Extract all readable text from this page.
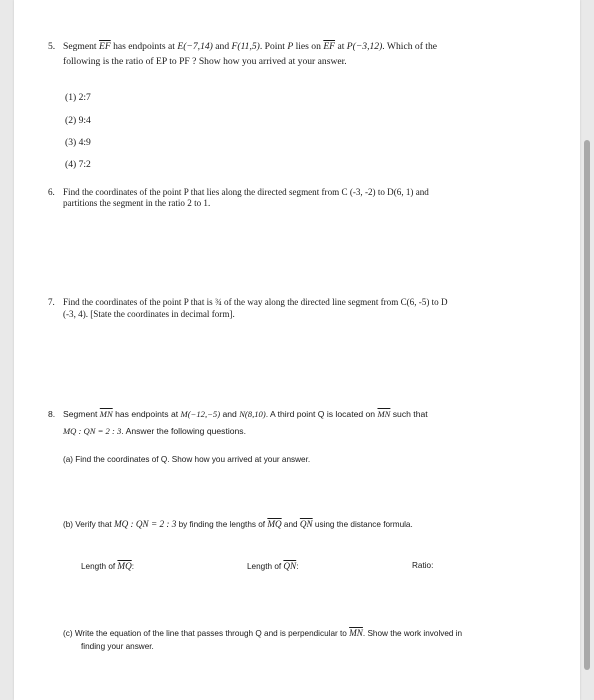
5. Segment $\overline{EF}$ has endpoints at E(−7,14) and F(11,5). Point P lies on $\overline{EF}$ at P(−3,12). Which of the
following is the ratio of EP to PF ? Show how you arrived at your answer.
(1) 2:7
(2) 9:4
(3) 4:9
(4) 7:2
6. Find the coordinates of the point P that lies along the directed segment from C (-3, -2) to D(6, 1) and
partitions the segment in the ratio 2 to 1.
7. Find the coordinates of the point P that is ¾ of the way along the directed line segment from C(6, -5) to D
(-3, 4). [State the coordinates in decimal form].
8. Segment $\overline{MN}$ has endpoints at M(−12,−5) and N(8,10). A third point Q is located on $\overline{MN}$ such that
MQ : QN = 2 : 3. Answer the following questions.
(a) Find the coordinates of Q. Show how you arrived at your answer.
(b) Verify that MQ : QN = 2 : 3 by finding the lengths of $\overline{MQ}$ and $\overline{QN}$ using the distance formula.
Length of $\overline{MQ}$:	Length of $\overline{QN}$:	Ratio:
(c) Write the equation of the line that passes through Q and is perpendicular to $\overline{MN}$. Show the work involved in
finding your answer.
